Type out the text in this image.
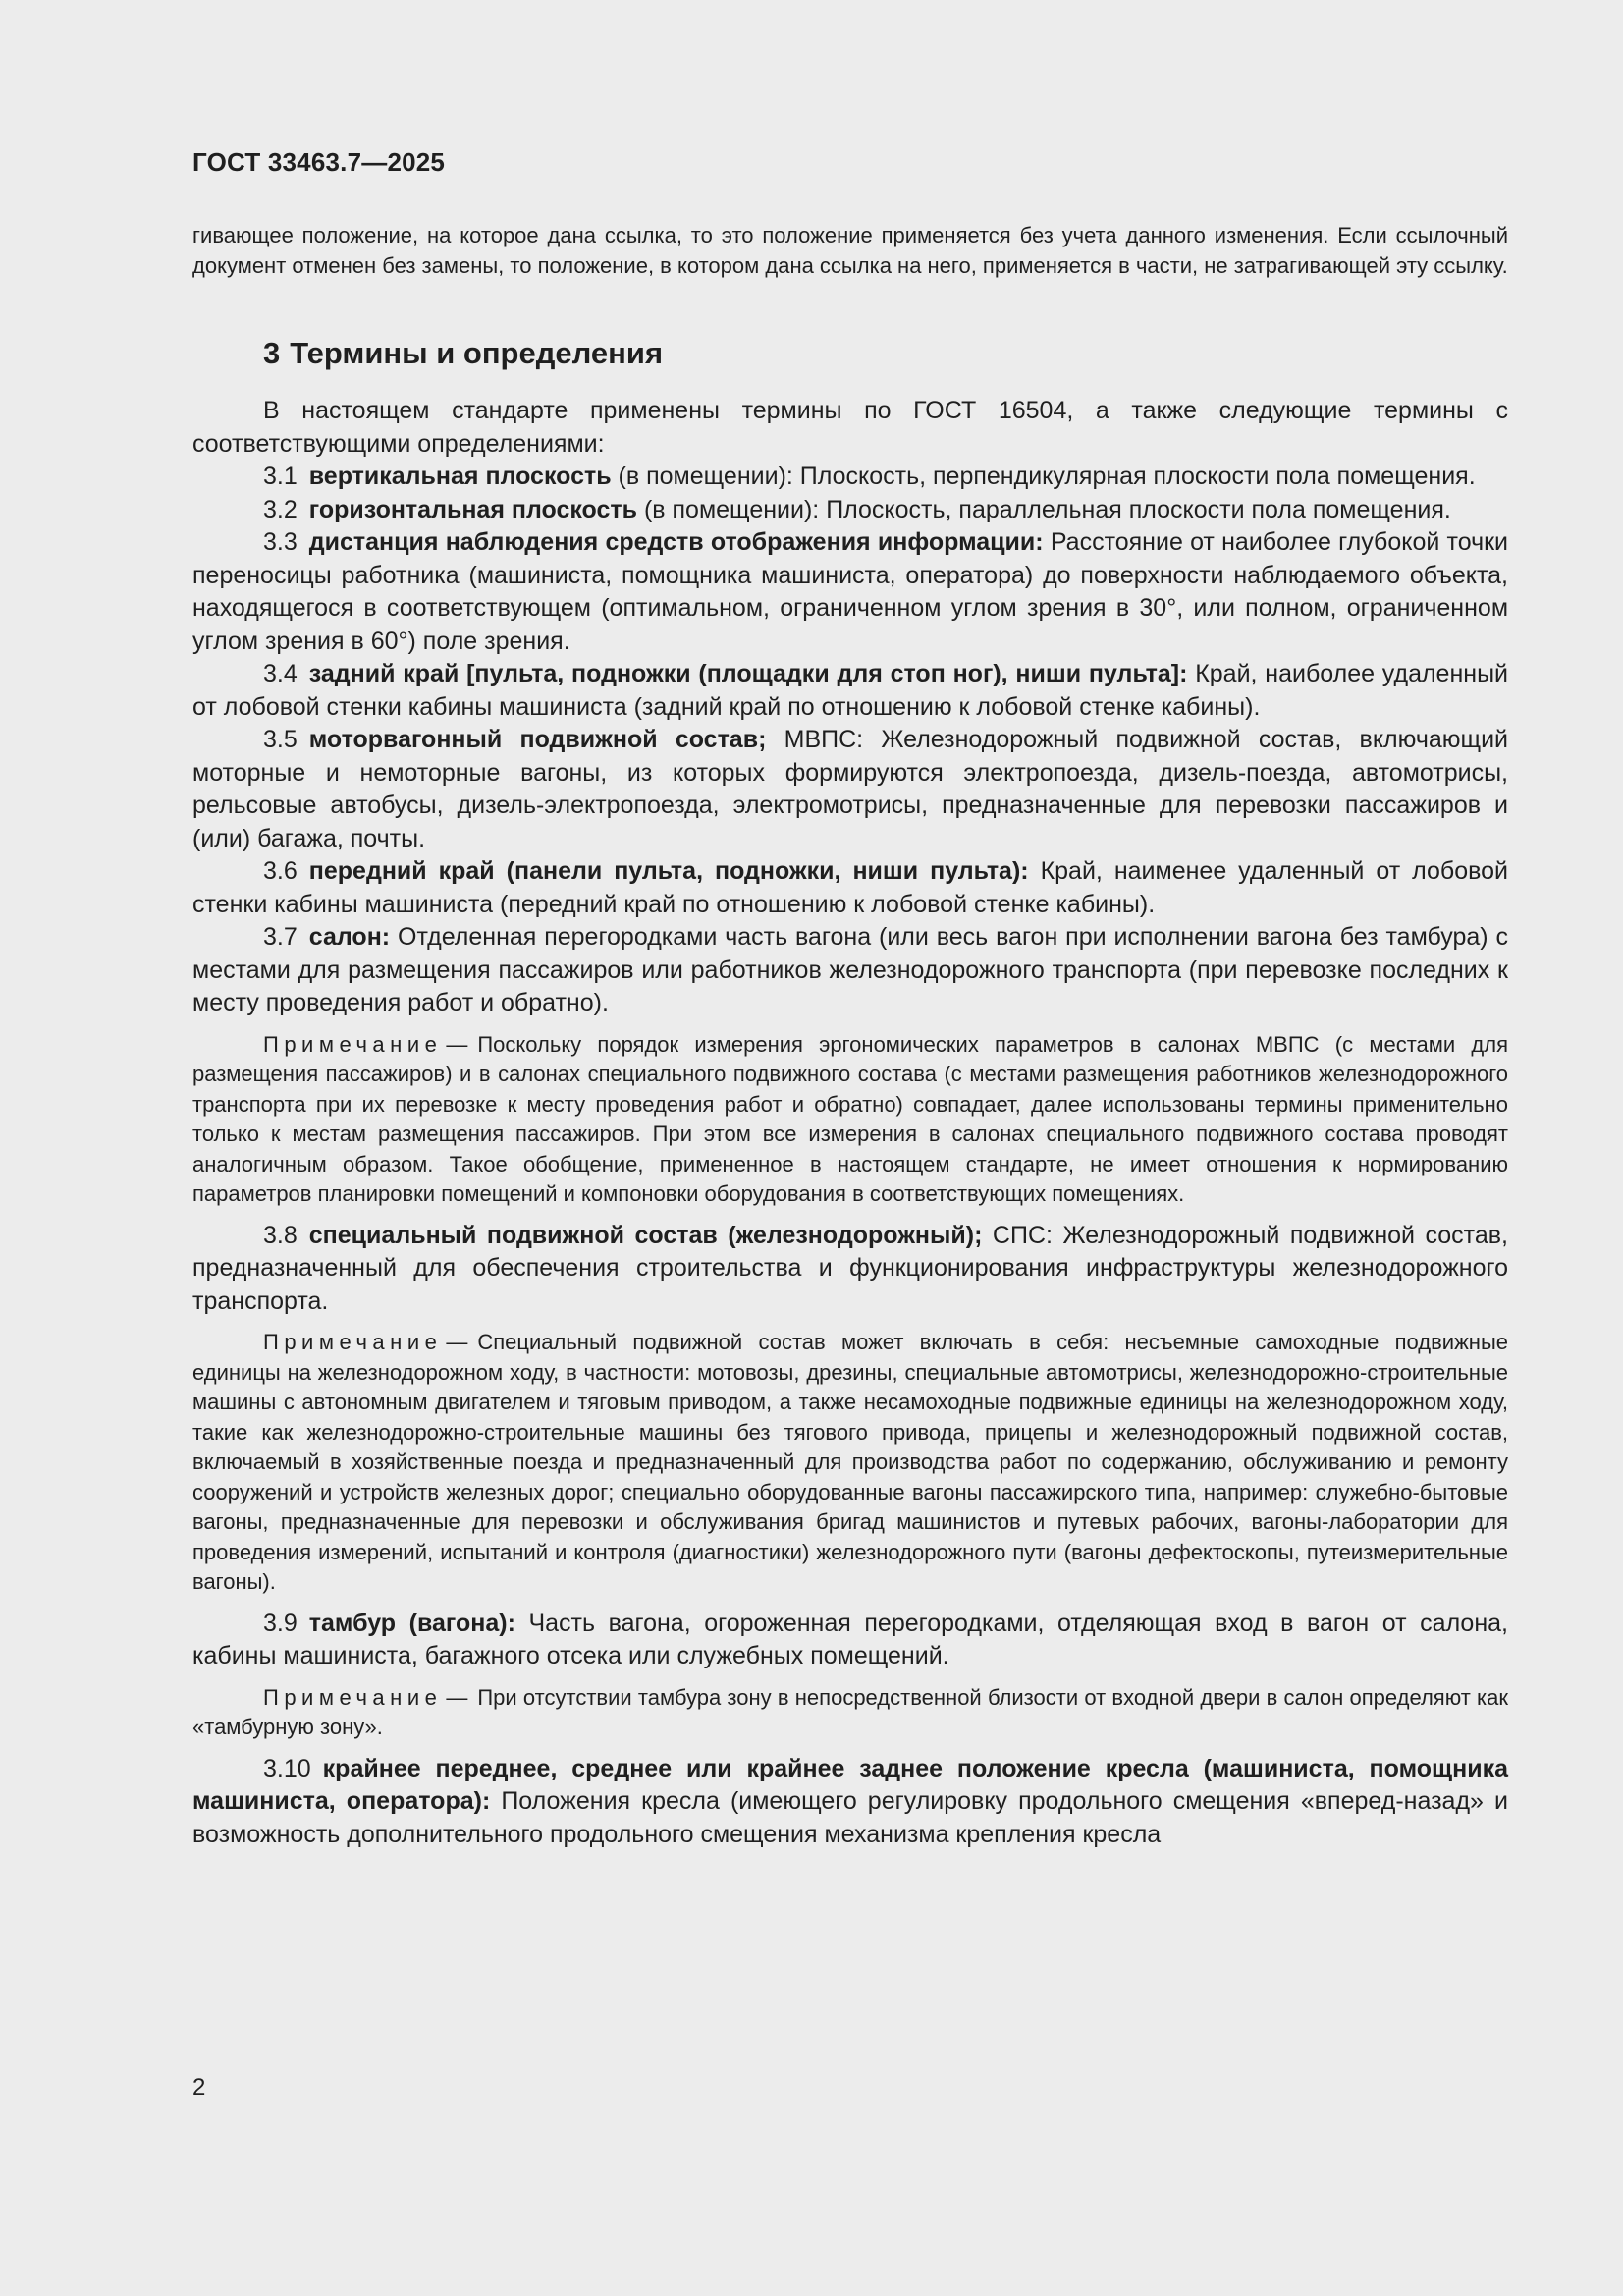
ГОСТ 33463.7—2025

гивающее положение, на которое дана ссылка, то это положение применяется без учета данного изменения. Если ссылочный документ отменен без замены, то положение, в котором дана ссылка на него, применяется в части, не затрагивающей эту ссылку.

3 Термины и определения

В настоящем стандарте применены термины по ГОСТ 16504, а также следующие термины с соответствующими определениями:

3.1 вертикальная плоскость (в помещении): Плоскость, перпендикулярная плоскости пола помещения.

3.2 горизонтальная плоскость (в помещении): Плоскость, параллельная плоскости пола помещения.

3.3 дистанция наблюдения средств отображения информации: Расстояние от наиболее глубокой точки переносицы работника (машиниста, помощника машиниста, оператора) до поверхности наблюдаемого объекта, находящегося в соответствующем (оптимальном, ограниченном углом зрения в 30°, или полном, ограниченном углом зрения в 60°) поле зрения.

3.4 задний край [пульта, подножки (площадки для стоп ног), ниши пульта]: Край, наиболее удаленный от лобовой стенки кабины машиниста (задний край по отношению к лобовой стенке кабины).

3.5 моторвагонный подвижной состав; МВПС: Железнодорожный подвижной состав, включающий моторные и немоторные вагоны, из которых формируются электропоезда, дизель-поезда, автомотрисы, рельсовые автобусы, дизель-электропоезда, электромотрисы, предназначенные для перевозки пассажиров и (или) багажа, почты.

3.6 передний край (панели пульта, подножки, ниши пульта): Край, наименее удаленный от лобовой стенки кабины машиниста (передний край по отношению к лобовой стенке кабины).

3.7 салон: Отделенная перегородками часть вагона (или весь вагон при исполнении вагона без тамбура) с местами для размещения пассажиров или работников железнодорожного транспорта (при перевозке последних к месту проведения работ и обратно).

Примечание — Поскольку порядок измерения эргономических параметров в салонах МВПС (с местами для размещения пассажиров) и в салонах специального подвижного состава (с местами размещения работников железнодорожного транспорта при их перевозке к месту проведения работ и обратно) совпадает, далее использованы термины применительно только к местам размещения пассажиров. При этом все измерения в салонах специального подвижного состава проводят аналогичным образом. Такое обобщение, примененное в настоящем стандарте, не имеет отношения к нормированию параметров планировки помещений и компоновки оборудования в соответствующих помещениях.

3.8 специальный подвижной состав (железнодорожный); СПС: Железнодорожный подвижной состав, предназначенный для обеспечения строительства и функционирования инфраструктуры железнодорожного транспорта.

Примечание — Специальный подвижной состав может включать в себя: несъемные самоходные подвижные единицы на железнодорожном ходу, в частности: мотовозы, дрезины, специальные автомотрисы, железнодорожно-строительные машины с автономным двигателем и тяговым приводом, а также несамоходные подвижные единицы на железнодорожном ходу, такие как железнодорожно-строительные машины без тягового привода, прицепы и железнодорожный подвижной состав, включаемый в хозяйственные поезда и предназначенный для производства работ по содержанию, обслуживанию и ремонту сооружений и устройств железных дорог; специально оборудованные вагоны пассажирского типа, например: служебно-бытовые вагоны, предназначенные для перевозки и обслуживания бригад машинистов и путевых рабочих, вагоны-лаборатории для проведения измерений, испытаний и контроля (диагностики) железнодорожного пути (вагоны дефектоскопы, путеизмерительные вагоны).

3.9 тамбур (вагона): Часть вагона, огороженная перегородками, отделяющая вход в вагон от салона, кабины машиниста, багажного отсека или служебных помещений.

Примечание — При отсутствии тамбура зону в непосредственной близости от входной двери в салон определяют как «тамбурную зону».

3.10 крайнее переднее, среднее или крайнее заднее положение кресла (машиниста, помощника машиниста, оператора): Положения кресла (имеющего регулировку продольного смещения «вперед-назад» и возможность дополнительного продольного смещения механизма крепления кресла

2
